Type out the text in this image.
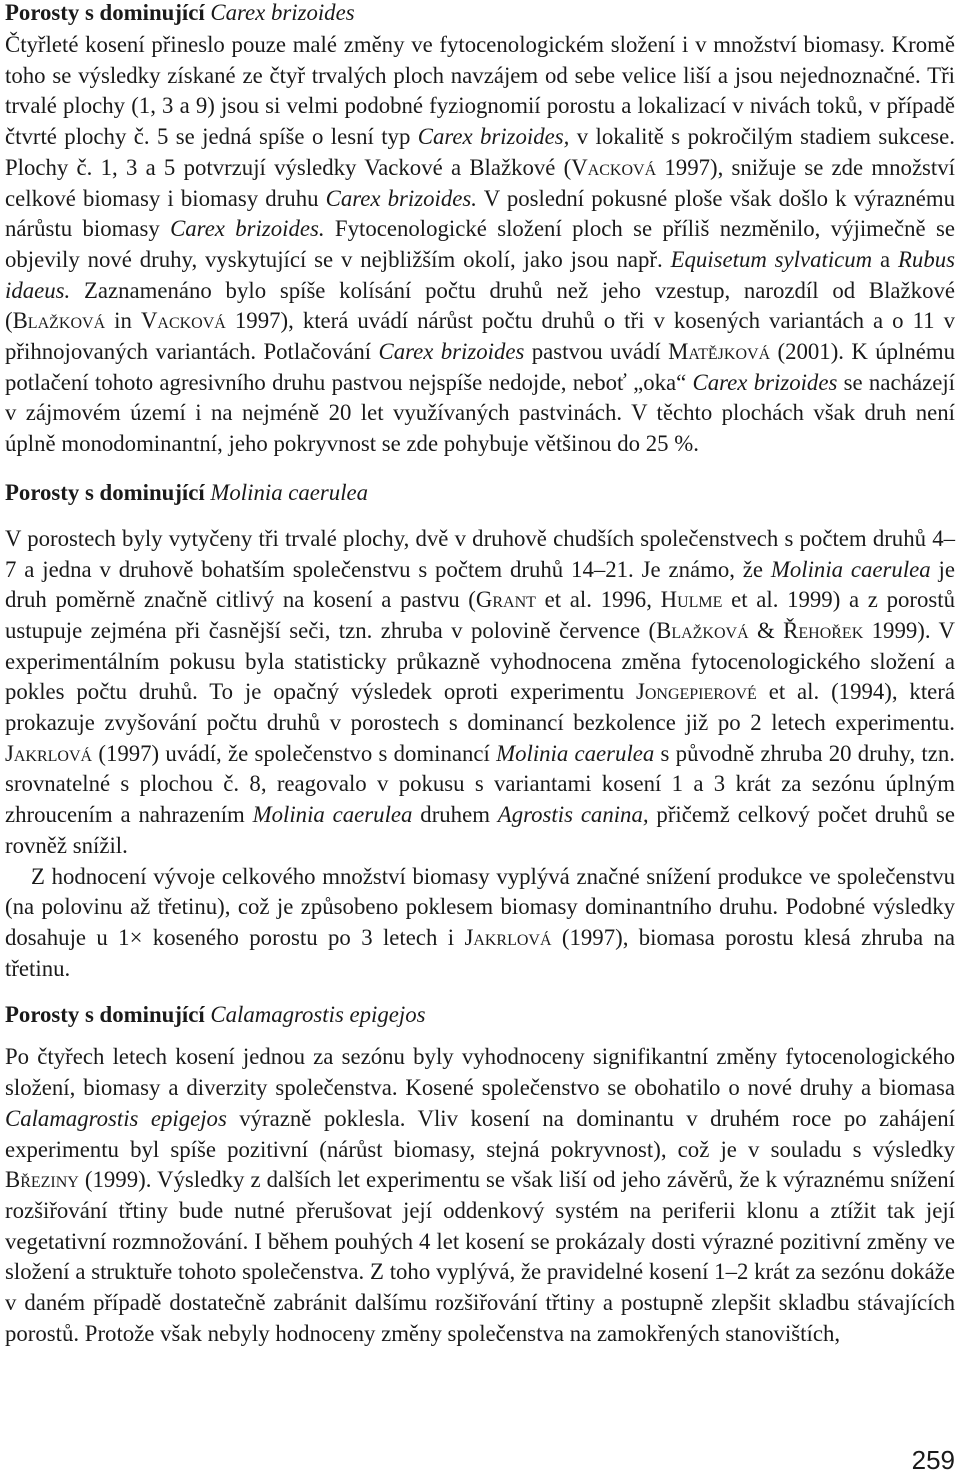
Porosty s dominující Carex brizoides

Čtyřleté kosení přineslo pouze malé změny ve fytocenologickém složení i v množství biomasy. Kromě toho se výsledky získané ze čtyř trvalých ploch navzájem od sebe velice liší a jsou nejednoznačné. Tři trvalé plochy (1, 3 a 9) jsou si velmi podobné fyziognomií porostu a lokalizací v nivách toků, v případě čtvrté plochy č. 5 se jedná spíše o lesní typ Carex brizoides, v lokalitě s pokročilým stadiem sukcese. Plochy č. 1, 3 a 5 potvrzují výsledky Vackové a Blažkové (Vacková 1997), snižuje se zde množství celkové biomasy i biomasy druhu Carex brizoides. V poslední pokusné ploše však došlo k výraznému nárůstu biomasy Carex brizoides. Fytocenologické složení ploch se příliš nezměnilo, výjimečně se objevily nové druhy, vyskytující se v nejbližším okolí, jako jsou např. Equisetum sylvaticum a Rubus idaeus. Zaznamenáno bylo spíše kolísání počtu druhů než jeho vzestup, narozdíl od Blažkové (Blažková in Vacková 1997), která uvádí nárůst počtu druhů o tři v kosených variantách a o 11 v přihnojovaných variantách. Potlačování Carex brizoides pastvou uvádí Matějková (2001). K úplnému potlačení tohoto agresivního druhu pastvou nejspíše nedojde, neboť „oka“ Carex brizoides se nacházejí v zájmovém území i na nejméně 20 let využívaných pastvinách. V těchto plochách však druh není úplně monodominantní, jeho pokryvnost se zde pohybuje většinou do 25 %.

Porosty s dominující Molinia caerulea

V porostech byly vytyčeny tři trvalé plochy, dvě v druhově chudších společenstvech s počtem druhů 4–7 a jedna v druhově bohatším společenstvu s počtem druhů 14–21. Je známo, že Molinia caerulea je druh poměrně značně citlivý na kosení a pastvu (Grant et al. 1996, Hulme et al. 1999) a z porostů ustupuje zejména při časnější seči, tzn. zhruba v polovině července (Blažková & Řehořek 1999). V experimentálním pokusu byla statisticky průkazně vyhodnocena změna fytocenologického složení a pokles počtu druhů. To je opačný výsledek oproti experimentu Jongepierové et al. (1994), která prokazuje zvyšování počtu druhů v porostech s dominancí bezkolence již po 2 letech experimentu. Jakrlová (1997) uvádí, že společenstvo s dominancí Molinia caerulea s původně zhruba 20 druhy, tzn. srovnatelné s plochou č. 8, reagovalo v pokusu s variantami kosení 1 a 3 krát za sezónu úplným zhroucením a nahrazením Molinia caerulea druhem Agrostis canina, přičemž celkový počet druhů se rovněž snížil.

Z hodnocení vývoje celkového množství biomasy vyplývá značné snížení produkce ve společenstvu (na polovinu až třetinu), což je způsobeno poklesem biomasy dominantního druhu. Podobné výsledky dosahuje u 1× koseného porostu po 3 letech i Jakrlová (1997), biomasa porostu klesá zhruba na třetinu.

Porosty s dominující Calamagrostis epigejos

Po čtyřech letech kosení jednou za sezónu byly vyhodnoceny signifikantní změny fytocenologického složení, biomasy a diverzity společenstva. Kosené společenstvo se obohatilo o nové druhy a biomasa Calamagrostis epigejos výrazně poklesla. Vliv kosení na dominantu v druhém roce po zahájení experimentu byl spíše pozitivní (nárůst biomasy, stejná pokryvnost), což je v souladu s výsledky Březiny (1999). Výsledky z dalších let experimentu se však liší od jeho závěrů, že k výraznému snížení rozšiřování třtiny bude nutné přerušovat její oddenkový systém na periferii klonu a ztížit tak její vegetativní rozmnožování. I během pouhých 4 let kosení se prokázaly dosti výrazné pozitivní změny ve složení a struktuře tohoto společenstva. Z toho vyplývá, že pravidelné kosení 1–2 krát za sezónu dokáže v daném případě dostatečně zabránit dalšímu rozšiřování třtiny a postupně zlepšit skladbu stávajících porostů. Protože však nebyly hodnoceny změny společenstva na zamokřených stanovištích,

259
